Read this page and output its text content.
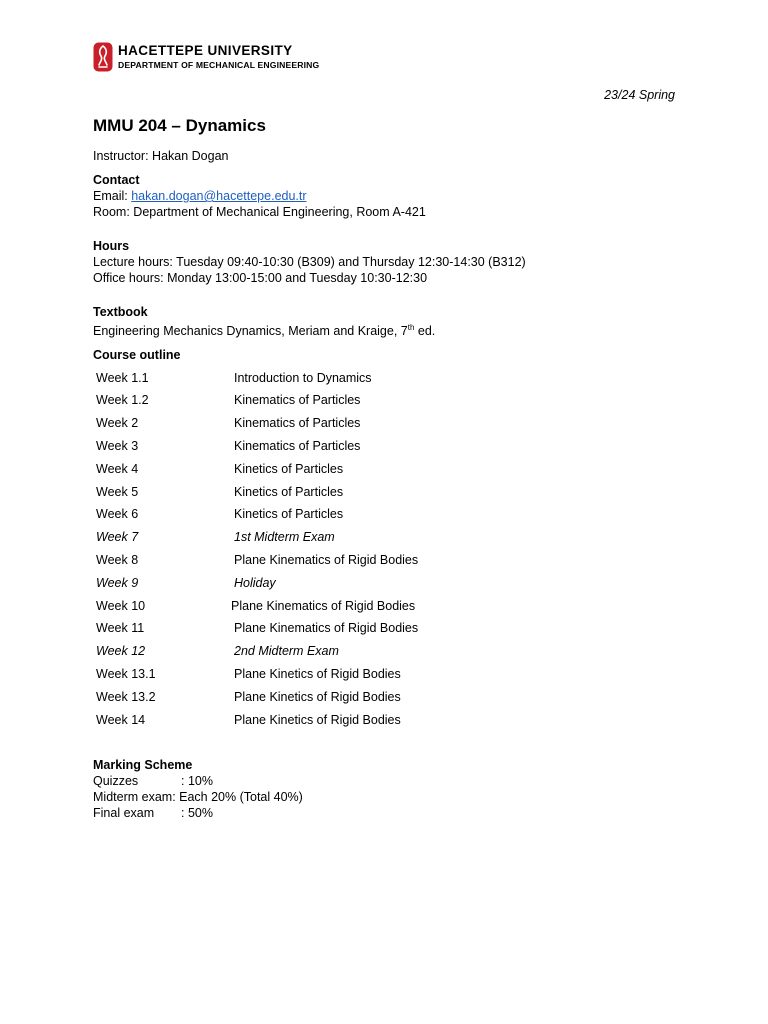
HACETTEPE UNIVERSITY
DEPARTMENT OF MECHANICAL ENGINEERING
23/24 Spring
MMU 204 – Dynamics

Instructor: Hakan Dogan

Contact

Email: hakan.dogan@hacettepe.edu.tr

Room: Department of Mechanical Engineering, Room A-421

Hours

Lecture hours: Tuesday 09:40-10:30 (B309) and Thursday 12:30-14:30 (B312)

Office hours: Monday 13:00-15:00 and Tuesday 10:30-12:30

Textbook

Engineering Mechanics Dynamics, Meriam and Kraige, 7th ed.

Course outline

Week 1.1	Introduction to Dynamics
Week 1.2	Kinematics of Particles
Week 2	Kinematics of Particles
Week 3	Kinematics of Particles
Week 4	Kinetics of Particles
Week 5	Kinetics of Particles
Week 6	Kinetics of Particles
Week 7	1st Midterm Exam
Week 8	Plane Kinematics of Rigid Bodies
Week 9	Holiday
Week 10	Plane Kinematics of Rigid Bodies
Week 11	Plane Kinematics of Rigid Bodies
Week 12	2nd Midterm Exam
Week 13.1	Plane Kinetics of Rigid Bodies
Week 13.2	Plane Kinetics of Rigid Bodies
Week 14	Plane Kinetics of Rigid Bodies

Marking Scheme

Quizzes	: 10%

Midterm exam: Each 20% (Total 40%)

Final exam : 50%
